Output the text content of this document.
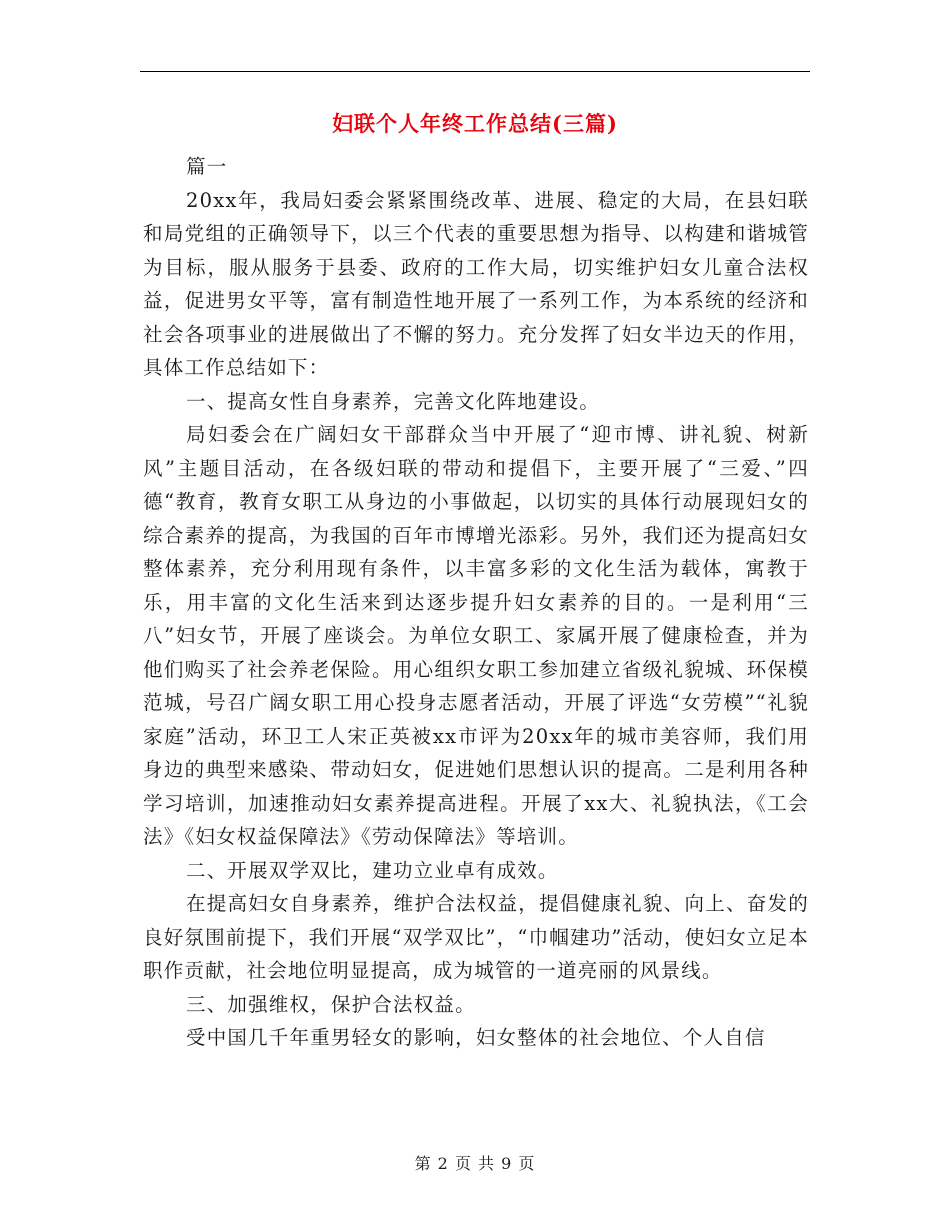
妇联个人年终工作总结(三篇)

篇一

20xx年，我局妇委会紧紧围绕改革、进展、稳定的大局，在县妇联和局党组的正确领导下，以三个代表的重要思想为指导、以构建和谐城管为目标，服从服务于县委、政府的工作大局，切实维护妇女儿童合法权益，促进男女平等，富有制造性地开展了一系列工作，为本系统的经济和社会各项事业的进展做出了不懈的努力。充分发挥了妇女半边天的作用，具体工作总结如下：

一、提高女性自身素养，完善文化阵地建设。

局妇委会在广阔妇女干部群众当中开展了“迎市博、讲礼貌、树新风”主题目活动，在各级妇联的带动和提倡下，主要开展了“三爱、”四德“教育，教育女职工从身边的小事做起，以切实的具体行动展现妇女的综合素养的提高，为我国的百年市博增光添彩。另外，我们还为提高妇女整体素养，充分利用现有条件，以丰富多彩的文化生活为载体，寓教于乐，用丰富的文化生活来到达逐步提升妇女素养的目的。一是利用“三八”妇女节，开展了座谈会。为单位女职工、家属开展了健康检查，并为他们购买了社会养老保险。用心组织女职工参加建立省级礼貌城、环保模范城，号召广阔女职工用心投身志愿者活动，开展了评选“女劳模”“礼貌家庭”活动，环卫工人宋正英被xx市评为20xx年的城市美容师，我们用身边的典型来感染、带动妇女，促进她们思想认识的提高。二是利用各种学习培训，加速推动妇女素养提高进程。开展了xx大、礼貌执法，《工会法》《妇女权益保障法》《劳动保障法》等培训。

二、开展双学双比，建功立业卓有成效。

在提高妇女自身素养，维护合法权益，提倡健康礼貌、向上、奋发的良好氛围前提下，我们开展“双学双比”，“巾帼建功”活动，使妇女立足本职作贡献，社会地位明显提高，成为城管的一道亮丽的风景线。

三、加强维权，保护合法权益。

受中国几千年重男轻女的影响，妇女整体的社会地位、个人自信

第 2 页 共 9 页
